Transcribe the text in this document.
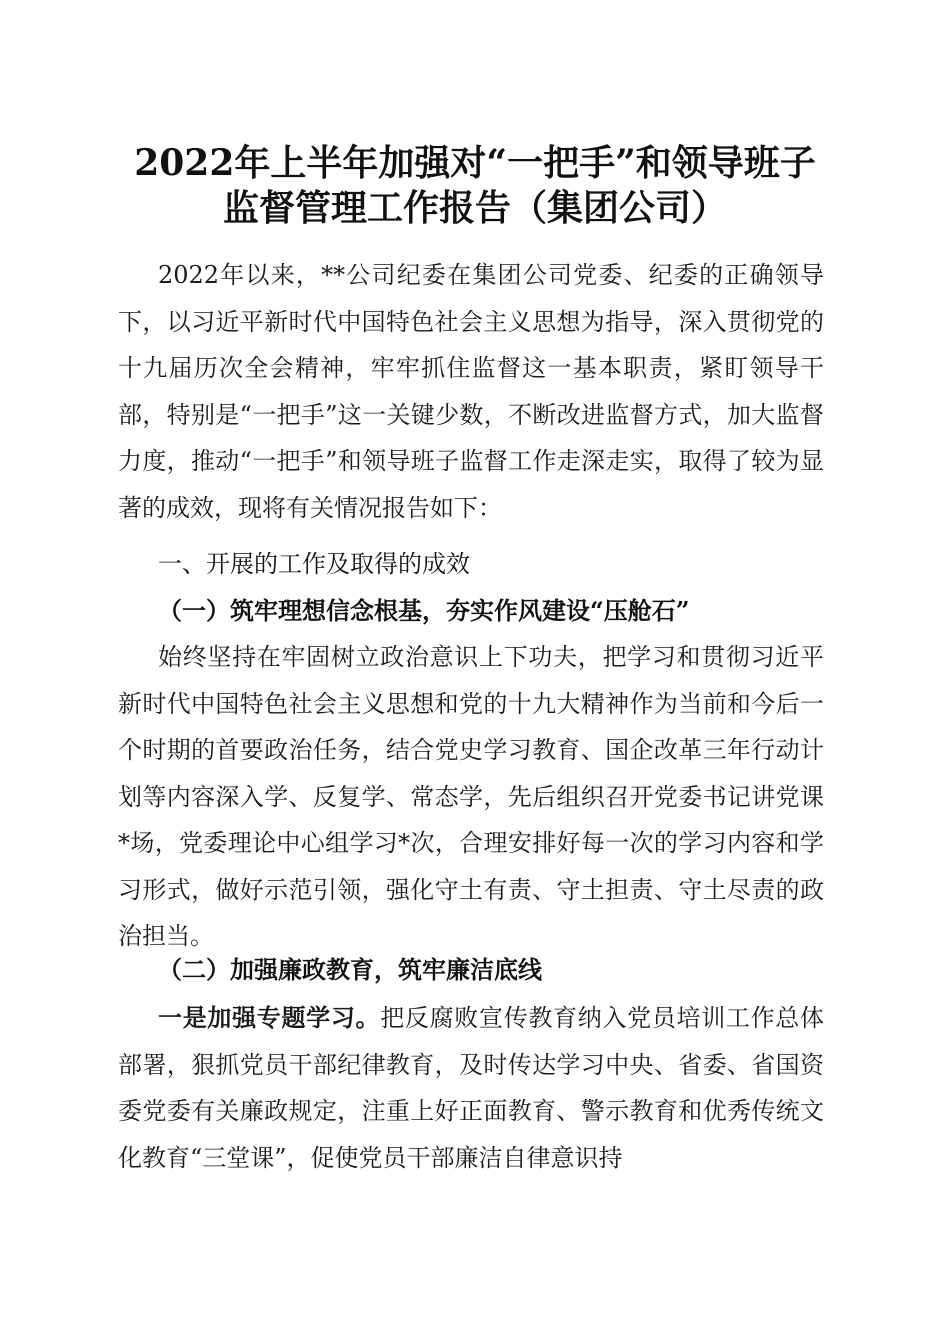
2022年上半年加强对“一把手”和领导班子
监督管理工作报告（集团公司）

2022年以来，**公司纪委在集团公司党委、纪委的正确领导下，以习近平新时代中国特色社会主义思想为指导，深入贯彻党的十九届历次全会精神，牢牢抓住监督这一基本职责，紧盯领导干部，特别是“一把手”这一关键少数，不断改进监督方式，加大监督力度，推动“一把手”和领导班子监督工作走深走实，取得了较为显著的成效，现将有关情况报告如下：

一、开展的工作及取得的成效
（一）筑牢理想信念根基，夯实作风建设“压舱石”

始终坚持在牢固树立政治意识上下功夫，把学习和贯彻习近平新时代中国特色社会主义思想和党的十九大精神作为当前和今后一个时期的首要政治任务，结合党史学习教育、国企改革三年行动计划等内容深入学、反复学、常态学，先后组织召开党委书记讲党课*场，党委理论中心组学习*次，合理安排好每一次的学习内容和学习形式，做好示范引领，强化守土有责、守土担责、守土尽责的政治担当。

（二）加强廉政教育，筑牢廉洁底线

一是加强专题学习。把反腐败宣传教育纳入党员培训工作总体部署，狠抓党员干部纪律教育，及时传达学习中央、省委、省国资委党委有关廉政规定，注重上好正面教育、警示教育和优秀传统文化教育“三堂课”，促使党员干部廉洁自律意识持
